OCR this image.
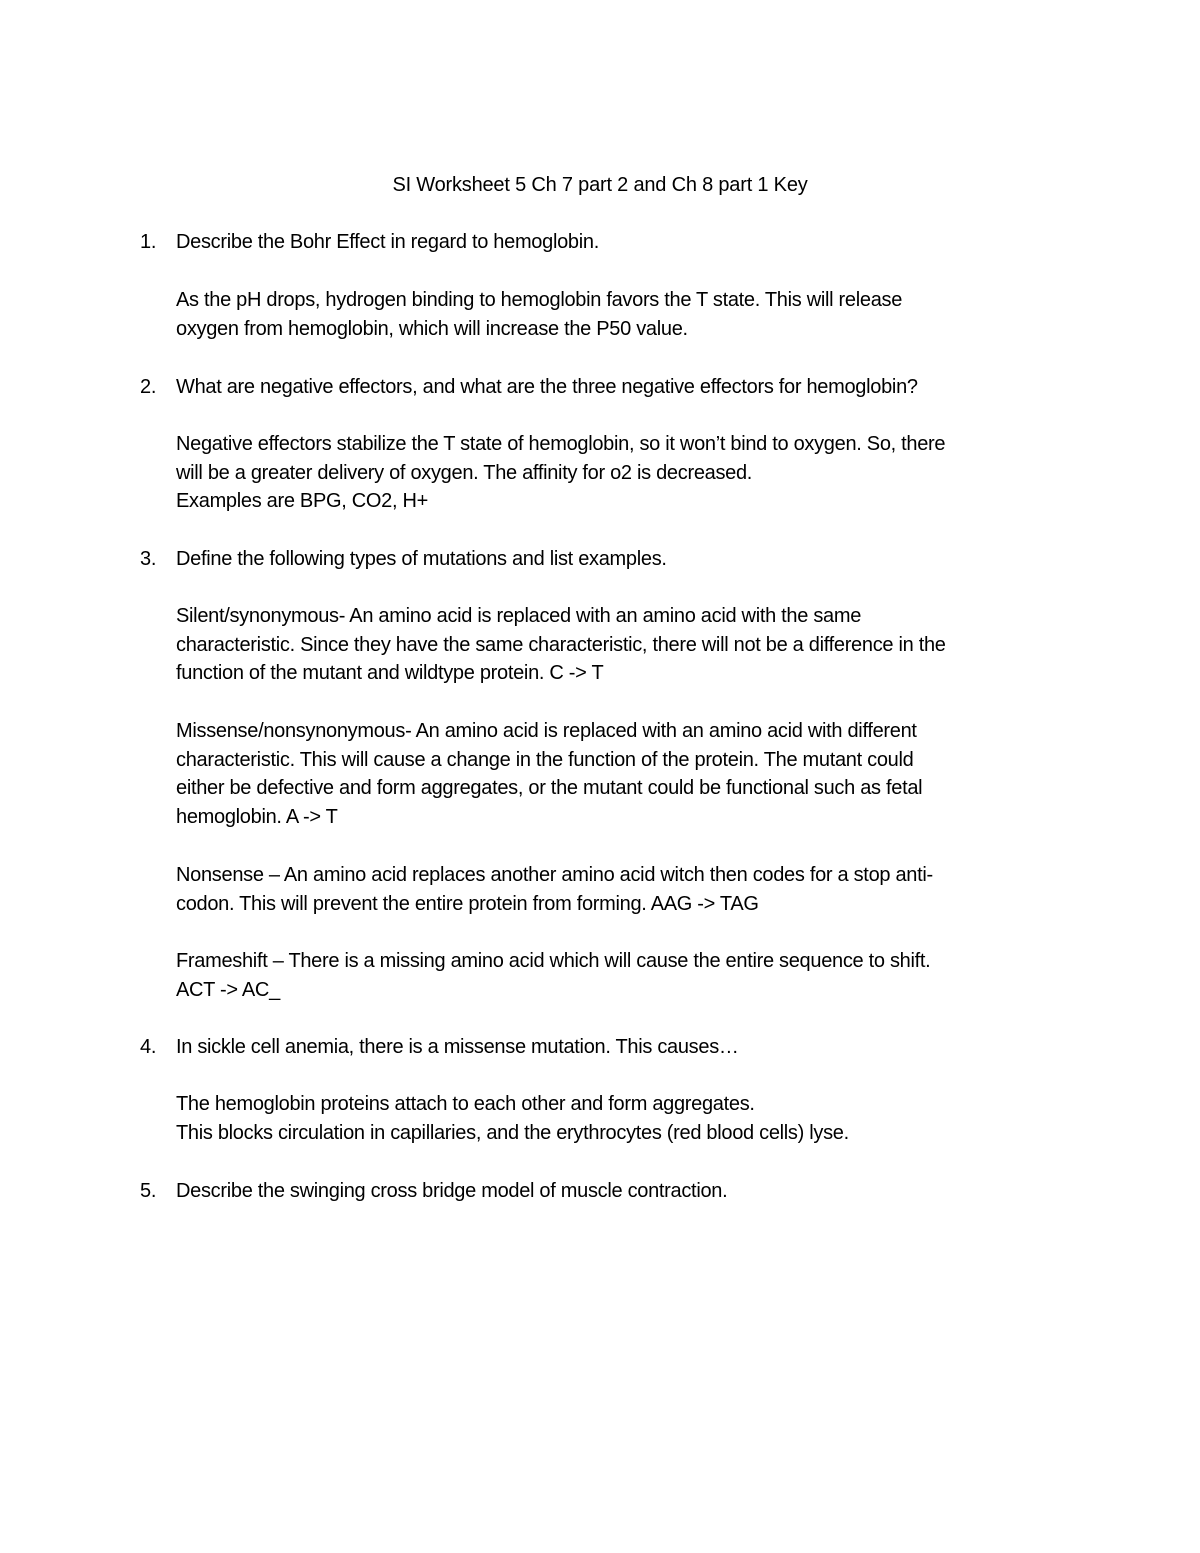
SI Worksheet 5 Ch 7 part 2 and Ch 8 part 1 Key
1. Describe the Bohr Effect in regard to hemoglobin.
As the pH drops, hydrogen binding to hemoglobin favors the T state. This will release
oxygen from hemoglobin, which will increase the P50 value.
2. What are negative effectors, and what are the three negative effectors for hemoglobin?
Negative effectors stabilize the T state of hemoglobin, so it won’t bind to oxygen. So, there
will be a greater delivery of oxygen. The affinity for o2 is decreased.
Examples are BPG, CO2, H+
3. Define the following types of mutations and list examples.
Silent/synonymous- An amino acid is replaced with an amino acid with the same
characteristic. Since they have the same characteristic, there will not be a difference in the
function of the mutant and wildtype protein. C -> T
Missense/nonsynonymous- An amino acid is replaced with an amino acid with different
characteristic. This will cause a change in the function of the protein. The mutant could
either be defective and form aggregates, or the mutant could be functional such as fetal
hemoglobin. A -> T
Nonsense – An amino acid replaces another amino acid witch then codes for a stop anti-
codon. This will prevent the entire protein from forming. AAG -> TAG
Frameshift – There is a missing amino acid which will cause the entire sequence to shift.
ACT -> AC_
4. In sickle cell anemia, there is a missense mutation. This causes…
The hemoglobin proteins attach to each other and form aggregates.
This blocks circulation in capillaries, and the erythrocytes (red blood cells) lyse.
5. Describe the swinging cross bridge model of muscle contraction.
